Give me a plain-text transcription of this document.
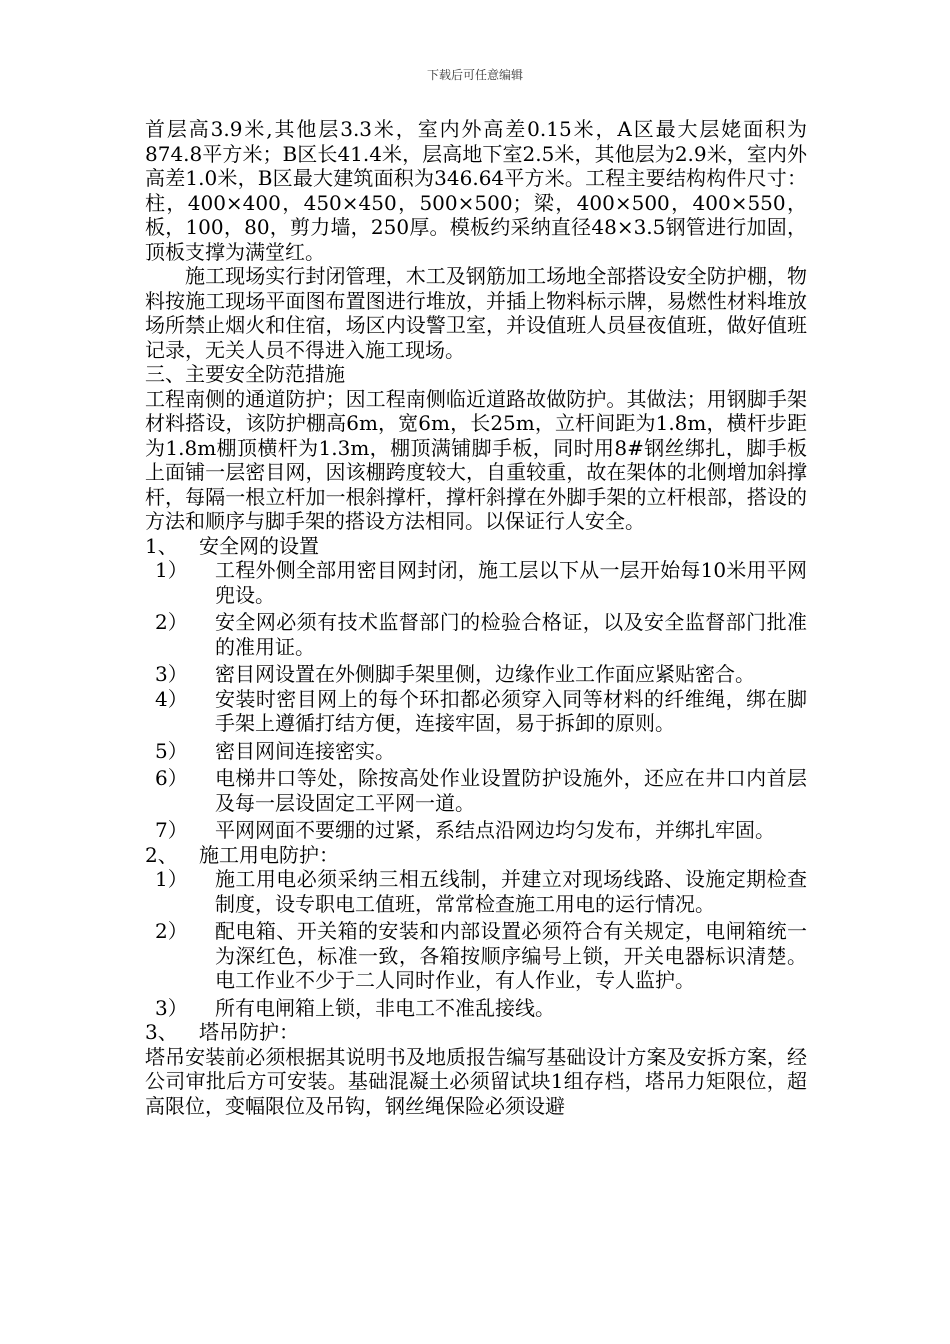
下载后可任意编辑

首层高3.9米,其他层3.3米，室内外高差0.15米，A区最大层姥面积为874.8平方米；B区长41.4米，层高地下室2.5米，其他层为2.9米，室内外高差1.0米，B区最大建筑面积为346.64平方米。工程主要结构构件尺寸：柱，400×400，450×450，500×500；梁，400×500，400×550，板，100，80，剪力墙，250厚。模板约采纳直径48×3.5钢管进行加固，顶板支撑为满堂红。

施工现场实行封闭管理，木工及钢筋加工场地全部搭设安全防护棚，物料按施工现场平面图布置图进行堆放，并插上物料标示牌，易燃性材料堆放场所禁止烟火和住宿，场区内设警卫室，并设值班人员昼夜值班，做好值班记录，无关人员不得进入施工现场。

三、主要安全防范措施

工程南侧的通道防护；因工程南侧临近道路故做防护。其做法；用钢脚手架材料搭设，该防护棚高6m，宽6m，长25m，立杆间距为1.8m，横杆步距为1.8m棚顶横杆为1.3m，棚顶满铺脚手板，同时用8#钢丝绑扎，脚手板上面铺一层密目网，因该棚跨度较大，自重较重，故在架体的北侧增加斜撑杆，每隔一根立杆加一根斜撑杆，撑杆斜撑在外脚手架的立杆根部，搭设的方法和顺序与脚手架的搭设方法相同。以保证行人安全。

1、	安全网的设置
1）	工程外侧全部用密目网封闭，施工层以下从一层开始每10米用平网兜设。
2）	安全网必须有技术监督部门的检验合格证，以及安全监督部门批准的准用证。
3）	密目网设置在外侧脚手架里侧，边缘作业工作面应紧贴密合。
4）	安装时密目网上的每个环扣都必须穿入同等材料的纤维绳，绑在脚手架上遵循打结方便，连接牢固，易于拆卸的原则。
5）	密目网间连接密实。
6）	电梯井口等处，除按高处作业设置防护设施外，还应在井口内首层及每一层设固定工平网一道。
7）	平网网面不要绷的过紧，系结点沿网边均匀发布，并绑扎牢固。
2、	施工用电防护：
1）	施工用电必须采纳三相五线制，并建立对现场线路、设施定期检查制度，设专职电工值班，常常检查施工用电的运行情况。
2）	配电箱、开关箱的安装和内部设置必须符合有关规定，电闸箱统一为深红色，标准一致，各箱按顺序编号上锁，开关电器标识清楚。电工作业不少于二人同时作业，有人作业，专人监护。
3）	所有电闸箱上锁，非电工不准乱接线。
3、	塔吊防护：

塔吊安装前必须根据其说明书及地质报告编写基础设计方案及安拆方案，经公司审批后方可安装。基础混凝土必须留试块1组存档，塔吊力矩限位，超高限位，变幅限位及吊钩，钢丝绳保险必须设避
